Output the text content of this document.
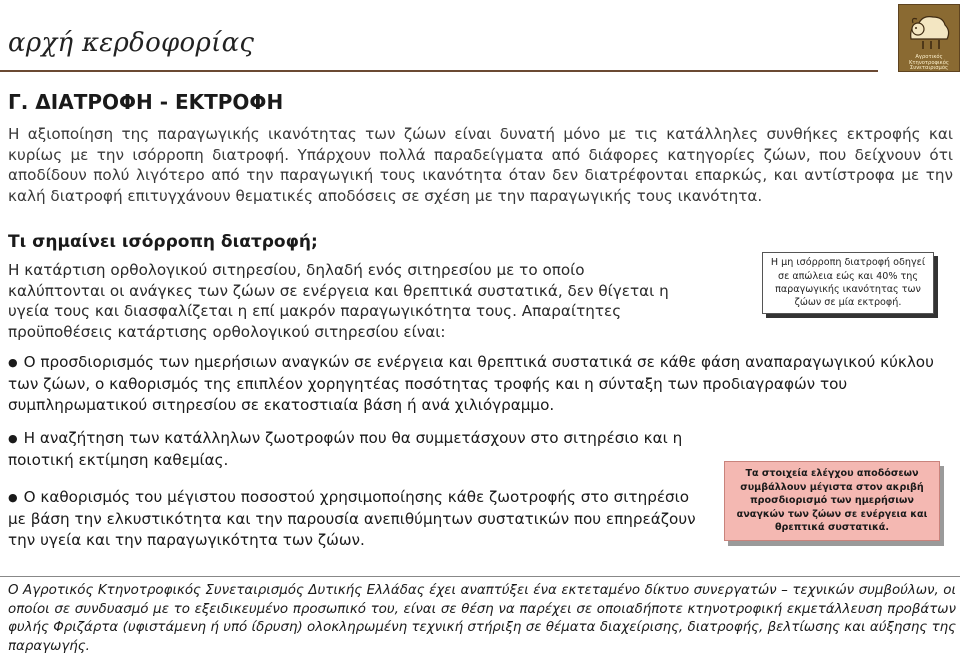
αρχή κερδοφορίας	Αγροτικός Κτηνοτροφικός Συνεταιρισμός
Γ. ΔΙΑΤΡΟΦΗ - ΕΚΤΡΟΦΗ

Η αξιοποίηση της παραγωγικής ικανότητας των ζώων είναι δυνατή μόνο με τις κατάλληλες συνθήκες εκτροφής και κυρίως με την ισόρροπη διατροφή. Υπάρχουν πολλά παραδείγματα από διάφορες κατηγορίες ζώων, που δείχνουν ότι αποδίδουν πολύ λιγότερο από την παραγωγική τους ικανότητα όταν δεν διατρέφονται επαρκώς, και αντίστροφα με την καλή διατροφή επιτυγχάνουν θεματικές αποδόσεις σε σχέση με την παραγωγικής τους ικανότητα.

Τι σημαίνει ισόρροπη διατροφή;

Η κατάρτιση ορθολογικού σιτηρεσίου, δηλαδή ενός σιτηρεσίου με το οποίο καλύπτονται οι ανάγκες των ζώων σε ενέργεια και θρεπτικά συστατικά, δεν θίγεται η υγεία τους και διασφαλίζεται η επί μακρόν παραγωγικότητα τους. Απαραίτητες προϋποθέσεις κατάρτισης ορθολογικού σιτηρεσίου είναι:

Η μη ισόρροπη διατροφή οδηγεί σε απώλεια εώς και 40% της παραγωγικής ικανότητας των ζώων σε μία εκτροφή.
● Ο προσδιορισμός των ημερήσιων αναγκών σε ενέργεια και θρεπτικά συστατικά σε κάθε φάση αναπαραγωγικού κύκλου των ζώων, ο καθορισμός της επιπλέον χορηγητέας ποσότητας τροφής και η σύνταξη των προδιαγραφών του συμπληρωματικού σιτηρεσίου σε εκατοστιαία βάση ή ανά χιλιόγραμμο.
● Η αναζήτηση των κατάλληλων ζωοτροφών που θα συμμετάσχουν στο σιτηρέσιο και η ποιοτική εκτίμηση καθεμίας.
● Ο καθορισμός του μέγιστου ποσοστού χρησιμοποίησης κάθε ζωοτροφής στο σιτηρέσιο με βάση την ελκυστικότητα και την παρουσία ανεπιθύμητων συστατικών που επηρεάζουν την υγεία και την παραγωγικότητα των ζώων.
Τα στοιχεία ελέγχου αποδόσεων συμβάλλουν μέγιστα στον ακριβή προσδιορισμό των ημερήσιων αναγκών των ζώων σε ενέργεια και θρεπτικά συστατικά.

Ο Αγροτικός Κτηνοτροφικός Συνεταιρισμός Δυτικής Ελλάδας έχει αναπτύξει ένα εκτεταμένο δίκτυο συνεργατών – τεχνικών συμβούλων, οι οποίοι σε συνδυασμό με το εξειδικευμένο προσωπικό του, είναι σε θέση να παρέχει σε οποιαδήποτε κτηνοτροφική εκμετάλλευση προβάτων φυλής Φριζάρτα (υφιστάμενη ή υπό ίδρυση) ολοκληρωμένη τεχνική στήριξη σε θέματα διαχείρισης, διατροφής, βελτίωσης και αύξησης της παραγωγής.
